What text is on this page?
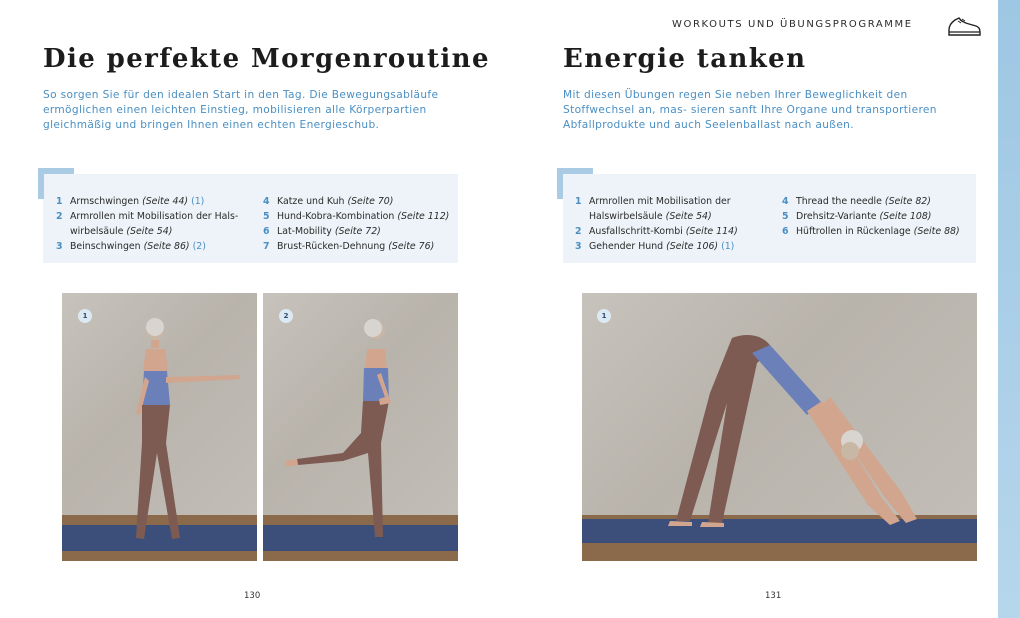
WORKOUTS UND ÜBUNGSPROGRAMME
Die perfekte Morgenroutine
So sorgen Sie für den idealen Start in den Tag. Die Bewegungsabläufe ermöglichen einen leichten Einstieg, mobilisieren alle Körperpartien gleichmäßig und bringen Ihnen einen echten Energieschub.
1 Armschwingen (Seite 44) (1)
2 Armrollen mit Mobilisation der Hals-
wirbelsäule (Seite 54)
3 Beinschwingen (Seite 86) (2)
4 Katze und Kuh (Seite 70)
5 Hund-Kobra-Kombination (Seite 112)
6 Lat-Mobility (Seite 72)
7 Brust-Rücken-Dehnung (Seite 76)
1	2
130
Energie tanken
Mit diesen Übungen regen Sie neben Ihrer Beweglichkeit den Stoffwechsel an, mas- sieren sanft Ihre Organe und transportieren Abfallprodukte und auch Seelenballast nach außen.
1 Armrollen mit Mobilisation der
Halswirbelsäule (Seite 54)
2 Ausfallschritt-Kombi (Seite 114)
3 Gehender Hund (Seite 106) (1)
4 Thread the needle (Seite 82)
5 Drehsitz-Variante (Seite 108)
6 Hüftrollen in Rückenlage (Seite 88)
1
131
